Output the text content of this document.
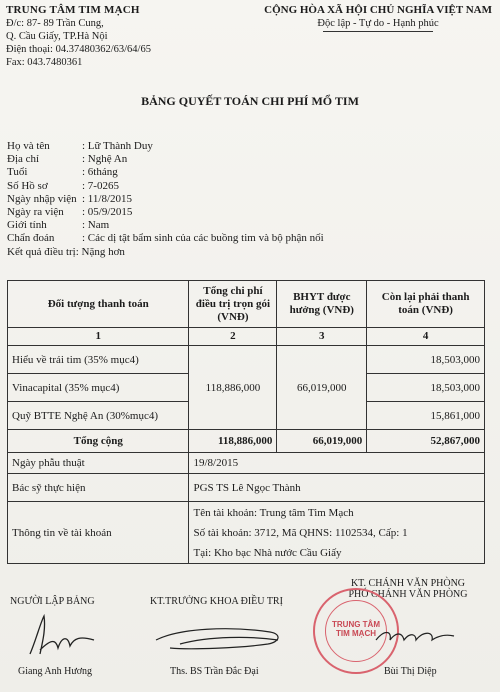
TRUNG TÂM TIM MẠCH
Đ/c: 87- 89 Trần Cung,
Q. Cầu Giấy, TP.Hà Nội
Điện thoại: 04.37480362/63/64/65
Fax: 043.7480361
CỘNG HÒA XÃ HỘI CHỦ NGHĨA VIỆT NAM
Độc lập - Tự do - Hạnh phúc
BẢNG QUYẾT TOÁN CHI PHÍ MỔ TIM
Họ và tên	: Lữ Thành Duy
Địa chỉ	: Nghệ An
Tuổi	: 6tháng
Số Hồ sơ	: 7-0265
Ngày nhập viện : 11/8/2015
Ngày ra viện	: 05/9/2015
Giới tính	: Nam
Chẩn đoán	: Các dị tật bẩm sinh của các buồng tim và bộ phận nối
Kết quả điều trị: Nặng hơn
Đối tượng thanh toán	Tổng chi phí điều trị trọn gói (VNĐ)	BHYT được hưởng (VNĐ)	Còn lại phải thanh toán (VNĐ)
1	2	3	4
Hiểu về trái tim (35% mục4)	118,886,000	66,019,000	18,503,000
Vinacapital (35% mục4)			18,503,000
Quỹ BTTE Nghệ An (30%mục4)			15,861,000
Tổng cộng	118,886,000	66,019,000	52,867,000
Ngày phẫu thuật	19/8/2015		
Bác sỹ thực hiện	PGS TS Lê Ngọc Thành		
Thông tin về tài khoản	Tên tài khoản: Trung tâm Tim Mạch
Số tài khoản: 3712, Mã QHNS: 1102534, Cấp: 1
Tại: Kho bạc Nhà nước Cầu Giấy		
NGƯỜI LẬP BẢNG
Giang Anh Hương
KT.TRƯỞNG KHOA ĐIỀU TRỊ
Ths. BS Trần Đắc Đại
KT. CHÁNH VĂN PHÒNG
PHÓ CHÁNH VĂN PHÒNG
TRUNG TÂM
TIM MẠCH
Bùi Thị Diệp
